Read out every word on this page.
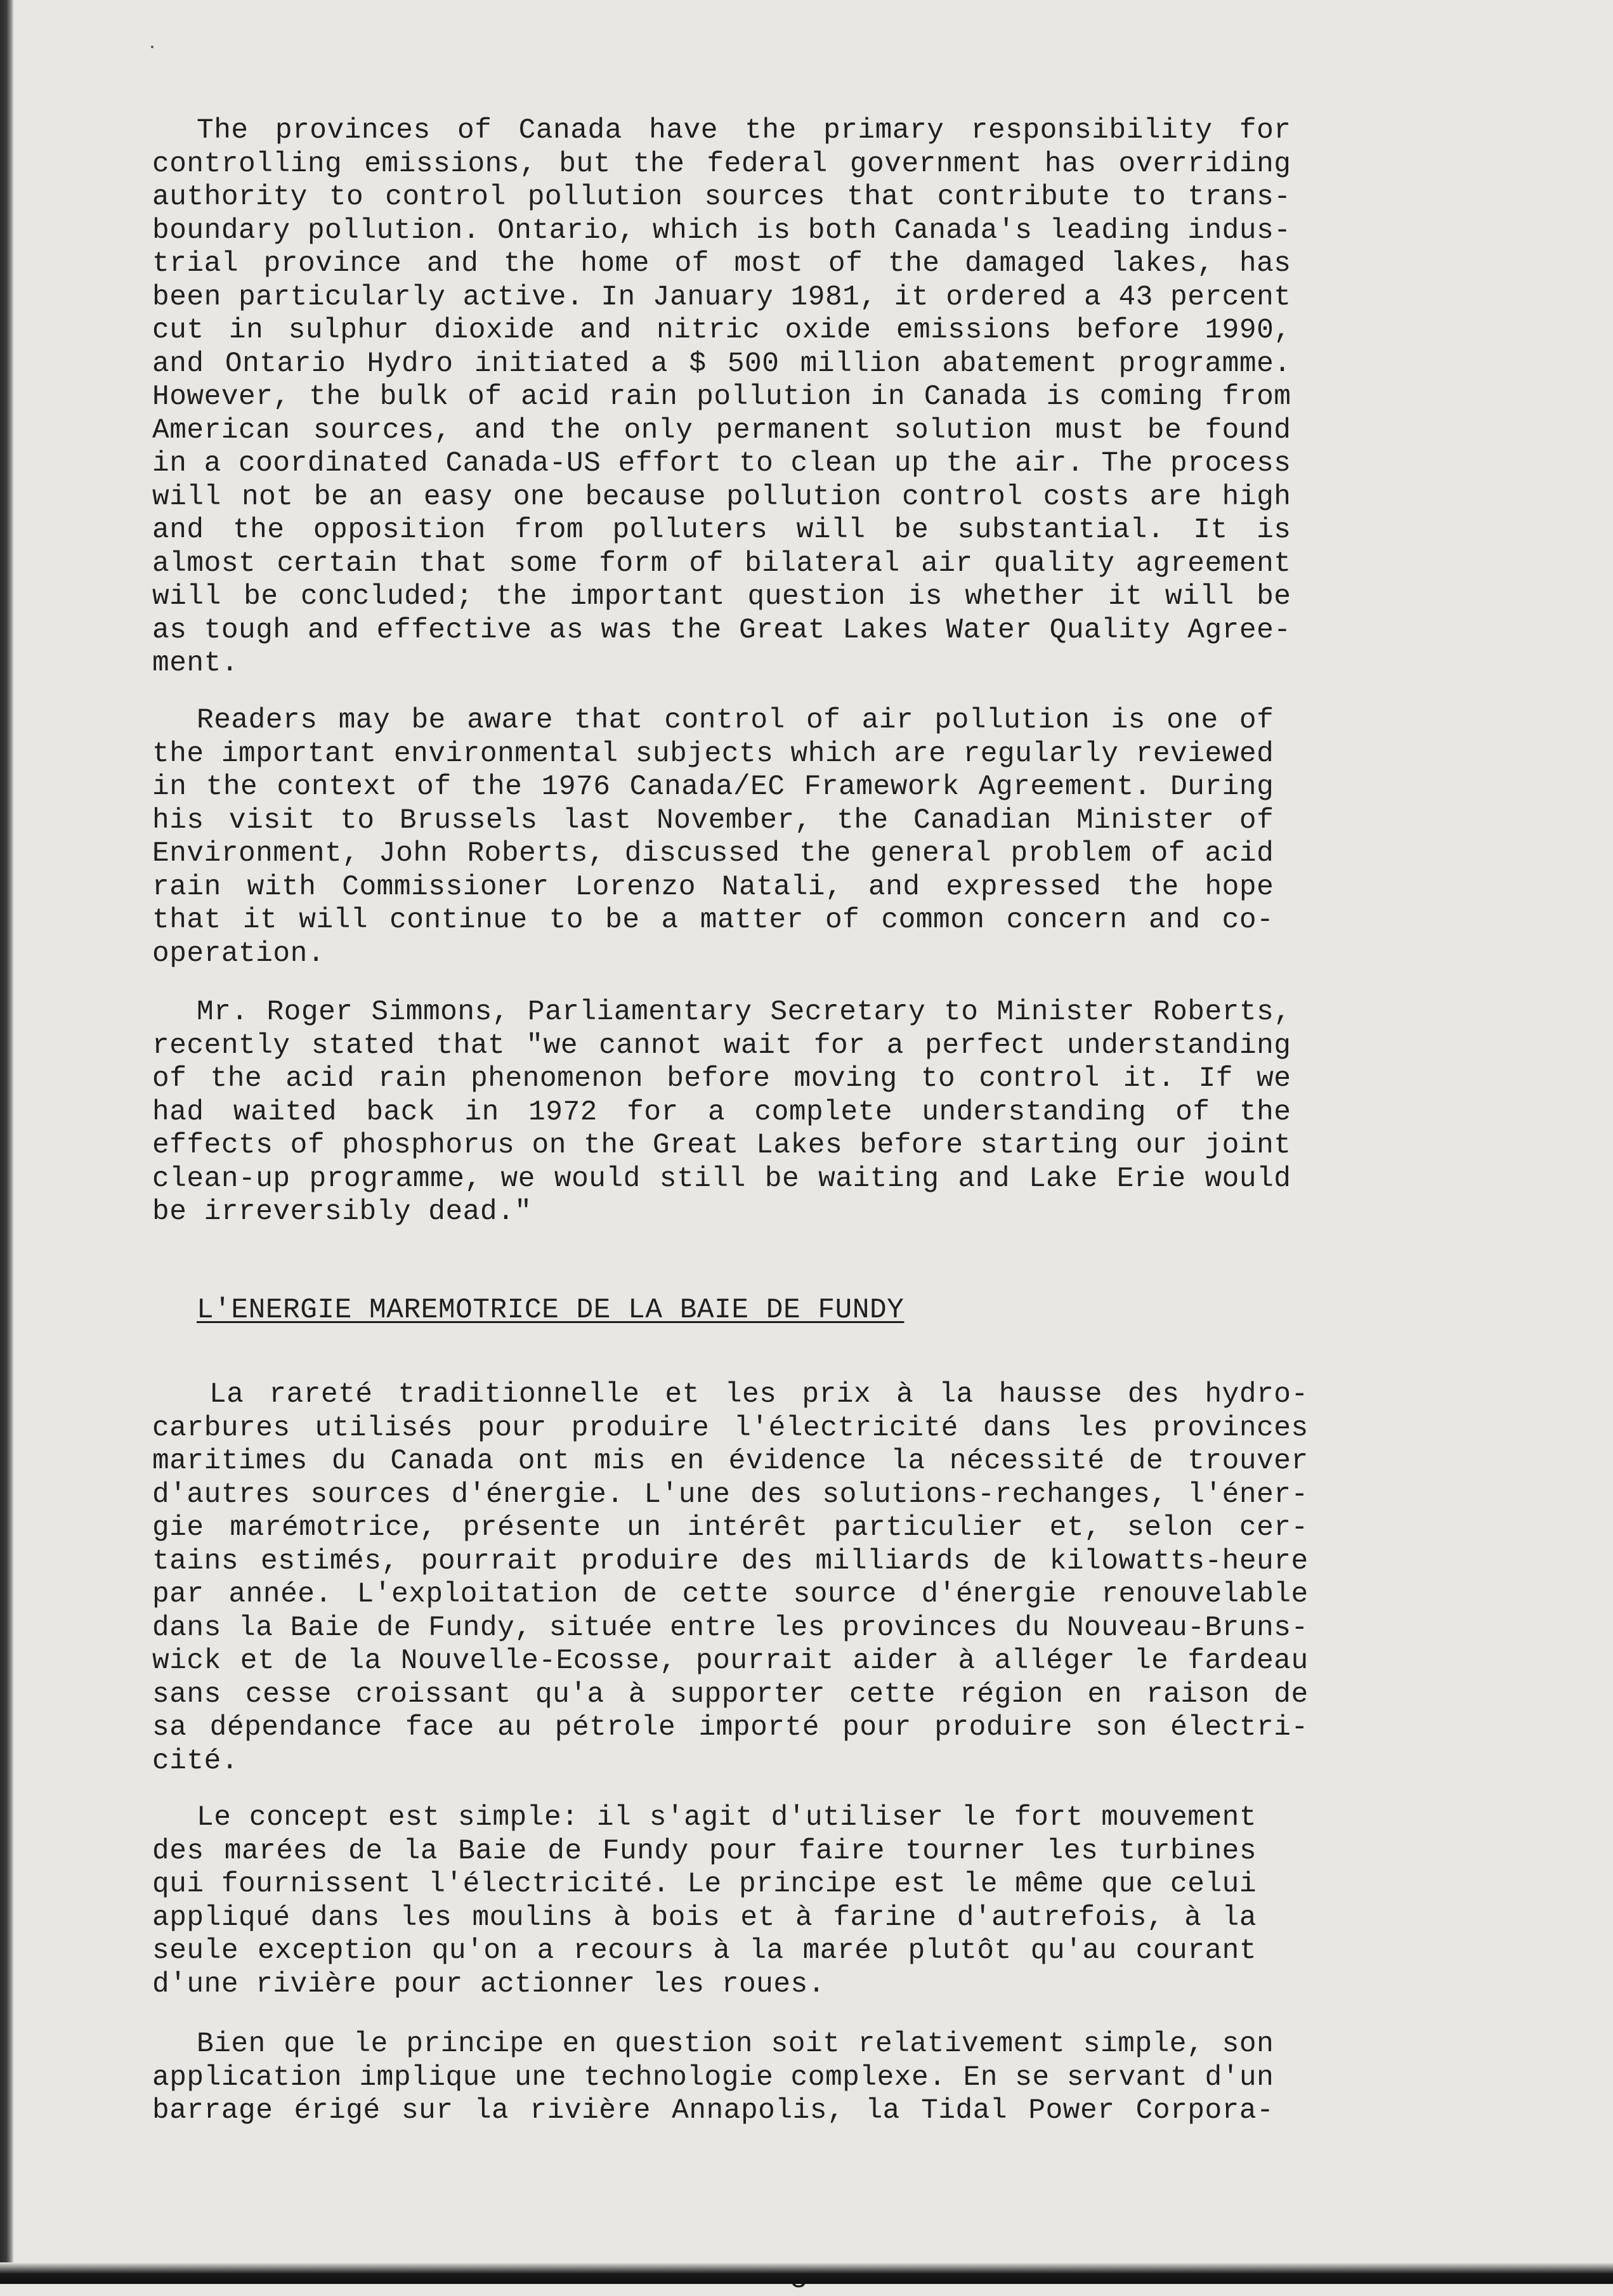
The provinces of Canada have the primary responsibility for
controlling emissions, but the federal government has overriding
authority to control pollution sources that contribute to trans-
boundary pollution. Ontario, which is both Canada's leading indus-
trial province and the home of most of the damaged lakes, has
been particularly active. In January 1981, it ordered a 43 percent
cut in sulphur dioxide and nitric oxide emissions before 1990,
and Ontario Hydro initiated a $ 500 million abatement programme.
However, the bulk of acid rain pollution in Canada is coming from
American sources, and the only permanent solution must be found
in a coordinated Canada-US effort to clean up the air. The process
will not be an easy one because pollution control costs are high
and the opposition from polluters will be substantial. It is
almost certain that some form of bilateral air quality agreement
will be concluded; the important question is whether it will be
as tough and effective as was the Great Lakes Water Quality Agree-
ment.
Readers may be aware that control of air pollution is one of
the important environmental subjects which are regularly reviewed
in the context of the 1976 Canada/EC Framework Agreement. During
his visit to Brussels last November, the Canadian Minister of
Environment, John Roberts, discussed the general problem of acid
rain with Commissioner Lorenzo Natali, and expressed the hope
that it will continue to be a matter of common concern and co-
operation.
Mr. Roger Simmons, Parliamentary Secretary to Minister Roberts,
recently stated that "we cannot wait for a perfect understanding
of the acid rain phenomenon before moving to control it. If we
had waited back in 1972 for a complete understanding of the
effects of phosphorus on the Great Lakes before starting our joint
clean-up programme, we would still be waiting and Lake Erie would
be irreversibly dead."
L'ENERGIE MAREMOTRICE DE LA BAIE DE FUNDY
La rareté traditionnelle et les prix à la hausse des hydro-
carbures utilisés pour produire l'électricité dans les provinces
maritimes du Canada ont mis en évidence la nécessité de trouver
d'autres sources d'énergie. L'une des solutions-rechanges, l'éner-
gie marémotrice, présente un intérêt particulier et, selon cer-
tains estimés, pourrait produire des milliards de kilowatts-heure
par année. L'exploitation de cette source d'énergie renouvelable
dans la Baie de Fundy, située entre les provinces du Nouveau-Bruns-
wick et de la Nouvelle-Ecosse, pourrait aider à alléger le fardeau
sans cesse croissant qu'a à supporter cette région en raison de
sa dépendance face au pétrole importé pour produire son électri-
cité.
Le concept est simple: il s'agit d'utiliser le fort mouvement
des marées de la Baie de Fundy pour faire tourner les turbines
qui fournissent l'électricité. Le principe est le même que celui
appliqué dans les moulins à bois et à farine d'autrefois, à la
seule exception qu'on a recours à la marée plutôt qu'au courant
d'une rivière pour actionner les roues.
Bien que le principe en question soit relativement simple, son
application implique une technologie complexe. En se servant d'un
barrage érigé sur la rivière Annapolis, la Tidal Power Corpora-
